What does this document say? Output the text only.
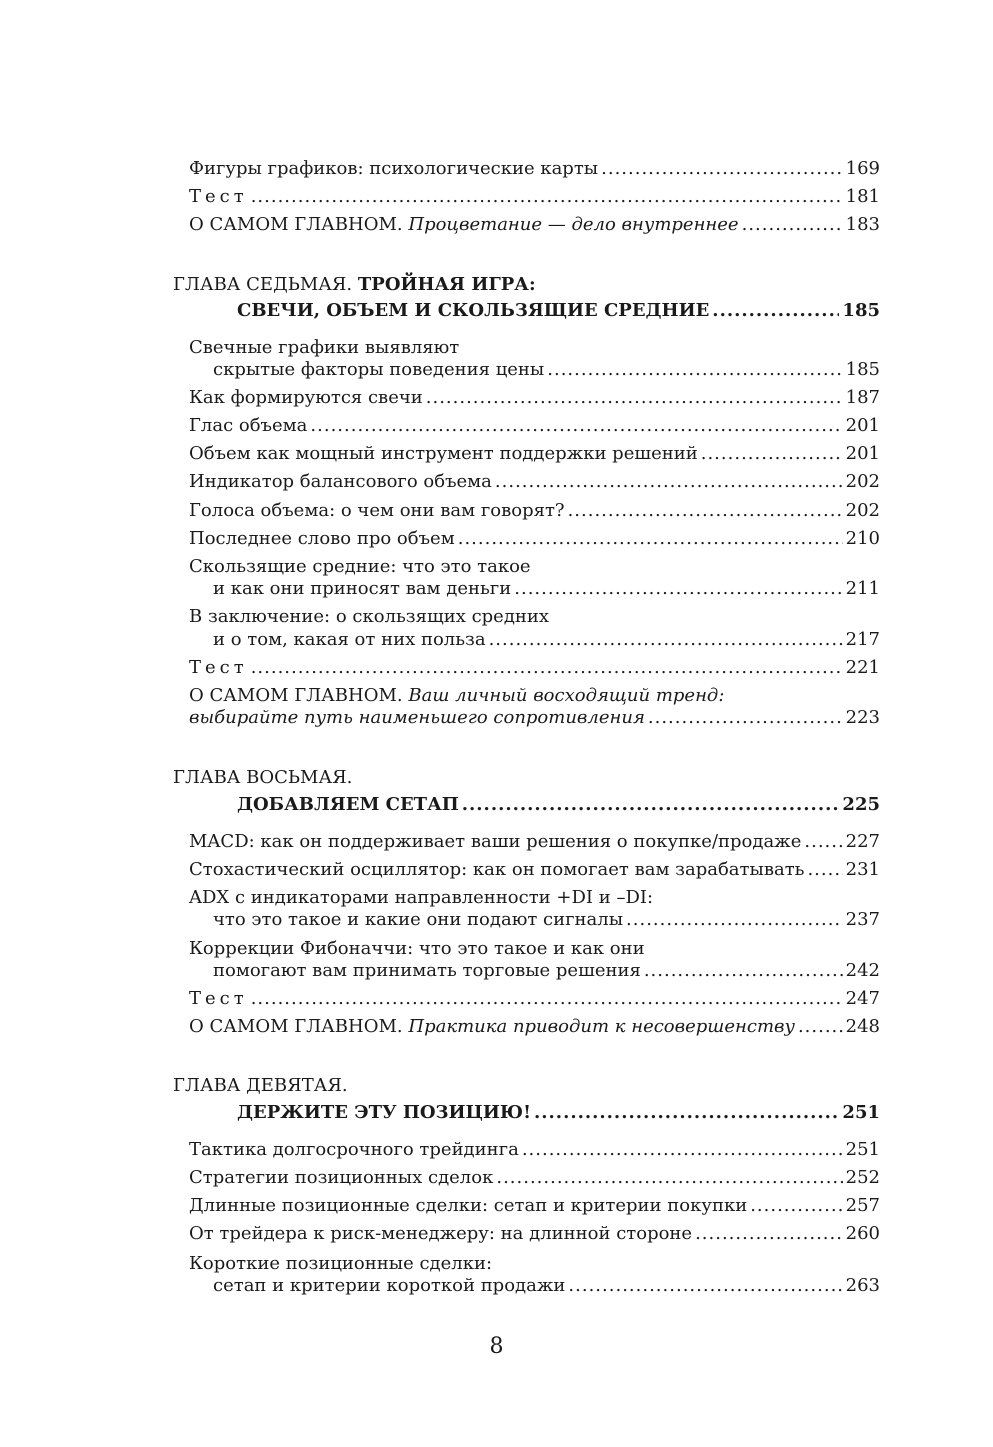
Фигуры графиков: психологические карты .....	169
Тест .....	181
О САМОМ ГЛАВНОМ. Процветание — дело внутреннее .....	183
ГЛАВА СЕДЬМАЯ. ТРОЙНАЯ ИГРА:
СВЕЧИ, ОБЪЕМ И СКОЛЬЗЯЩИЕ СРЕДНИЕ .....	185
Свечные графики выявляют
скрытые факторы поведения цены .....	185
Как формируются свечи .....	187
Глас объема .....	201
Объем как мощный инструмент поддержки решений .....	201
Индикатор балансового объема .....	202
Голоса объема: о чем они вам говорят? .....	202
Последнее слово про объем .....	210
Скользящие средние: что это такое
и как они приносят вам деньги .....	211
В заключение: о скользящих средних
и о том, какая от них польза .....	217
Тест .....	221
О САМОМ ГЛАВНОМ. Ваш личный восходящий тренд:
выбирайте путь наименьшего сопротивления .....	223
ГЛАВА ВОСЬМАЯ.
ДОБАВЛЯЕМ СЕТАП .....	225
MACD: как он поддерживает ваши решения о покупке/продаже ..... 227
Стохастический осциллятор: как он помогает вам зарабатывать ..... 231
ADX с индикаторами направленности +DI и –DI:
что это такое и какие они подают сигналы .....	237
Коррекции Фибоначчи: что это такое и как они
помогают вам принимать торговые решения .....	242
Тест .....	247
О САМОМ ГЛАВНОМ. Практика приводит к несовершенству .....	248
ГЛАВА ДЕВЯТАЯ.
ДЕРЖИТЕ ЭТУ ПОЗИЦИЮ! .....	251
Тактика долгосрочного трейдинга .....	251
Стратегии позиционных сделок .....	252
Длинные позиционные сделки: сетап и критерии покупки .....	257
От трейдера к риск-менеджеру: на длинной стороне .....	260
Короткие позиционные сделки:
сетап и критерии короткой продажи .....	263
8
